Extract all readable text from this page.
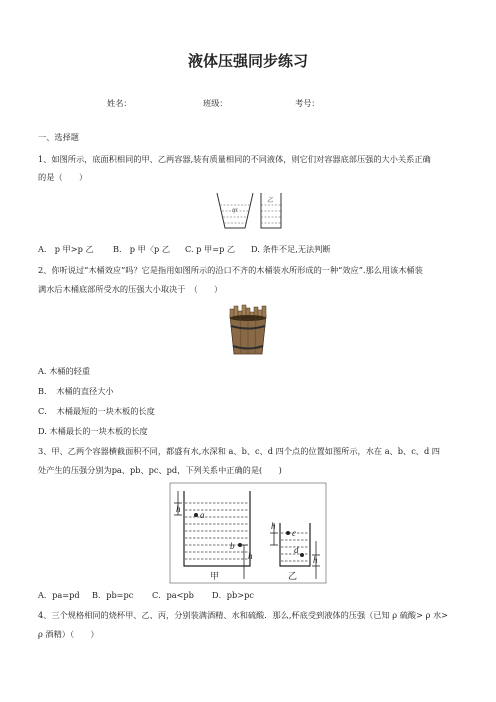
液体压强同步练习
姓名：	班级：	考号：
一、选择题
1、如图所示，底面积相同的甲、乙两容器,装有质量相同的不同液体，则它们对容器底部压强的大小关系正确
的是（　　）
甲
乙
A.　p 甲>p 乙 B.　p 甲〈p 乙 C. p 甲=p 乙 D. 条件不足,无法判断
2、你听说过“木桶效应”吗？它是指用如图所示的沿口不齐的木桶装水所形成的一种“效应”.那么用该木桶装
满水后木桶底部所受水的压强大小取决于　（　　）
A. 木桶的轻重
B．　木桶的直径大小
C．　木桶最短的一块木板的长度
D. 木桶最长的一块木板的长度
3、甲、乙两个容器横截面积不同，都盛有水,水深和 a、b、c、d 四个点的位置如图所示，水在 a、b、c、d 四
处产生的压强分别为pa、pb、pc、pd，下列关系中正确的是(　　)
h
a
b
h
甲
h
c
d
h
乙
A．pa=pd B．pb=pc C．pa<pb D．pb>pc
4、三个规格相同的烧杯甲、乙、丙，分别装满酒精、水和硫酸．那么,杯底受到液体的压强（已知 ρ 硫酸> ρ 水>
ρ 酒精）（　　）
